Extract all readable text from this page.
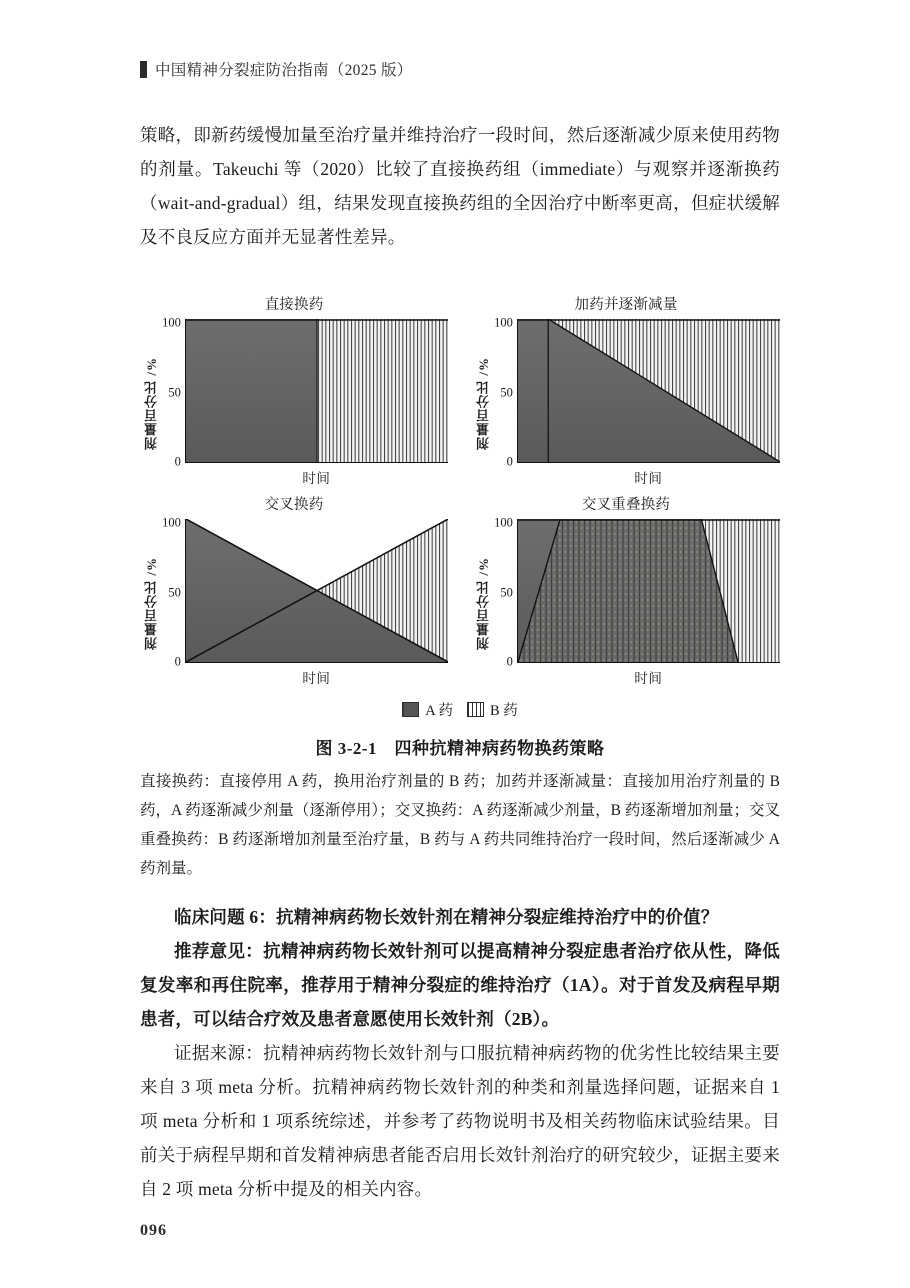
中国精神分裂症防治指南（2025 版）

策略，即新药缓慢加量至治疗量并维持治疗一段时间，然后逐渐减少原来使用药物的剂量。Takeuchi 等（2020）比较了直接换药组（immediate）与观察并逐渐换药（wait-and-gradual）组，结果发现直接换药组的全因治疗中断率更高，但症状缓解及不良反应方面并无显著性差异。

直接换药
剂量百分比 /%
100
50
0
时间
加药并逐渐减量
剂量百分比 /%
100
50
0
时间
交叉换药
剂量百分比 /%
100
50
0
时间
交叉重叠换药
剂量百分比 /%
100
50
0
时间
A 药	B 药
图 3-2-1　四种抗精神病药物换药策略
直接换药：直接停用 A 药，换用治疗剂量的 B 药；加药并逐渐减量：直接加用治疗剂量的 B 药，A 药逐渐减少剂量（逐渐停用）；交叉换药：A 药逐渐减少剂量，B 药逐渐增加剂量；交叉重叠换药：B 药逐渐增加剂量至治疗量，B 药与 A 药共同维持治疗一段时间，然后逐渐减少 A 药剂量。

临床问题 6：抗精神病药物长效针剂在精神分裂症维持治疗中的价值？

推荐意见：抗精神病药物长效针剂可以提高精神分裂症患者治疗依从性，降低复发率和再住院率，推荐用于精神分裂症的维持治疗（1A）。对于首发及病程早期患者，可以结合疗效及患者意愿使用长效针剂（2B）。

证据来源：抗精神病药物长效针剂与口服抗精神病药物的优劣性比较结果主要来自 3 项 meta 分析。抗精神病药物长效针剂的种类和剂量选择问题，证据来自 1 项 meta 分析和 1 项系统综述，并参考了药物说明书及相关药物临床试验结果。目前关于病程早期和首发精神病患者能否启用长效针剂治疗的研究较少，证据主要来自 2 项 meta 分析中提及的相关内容。

096
